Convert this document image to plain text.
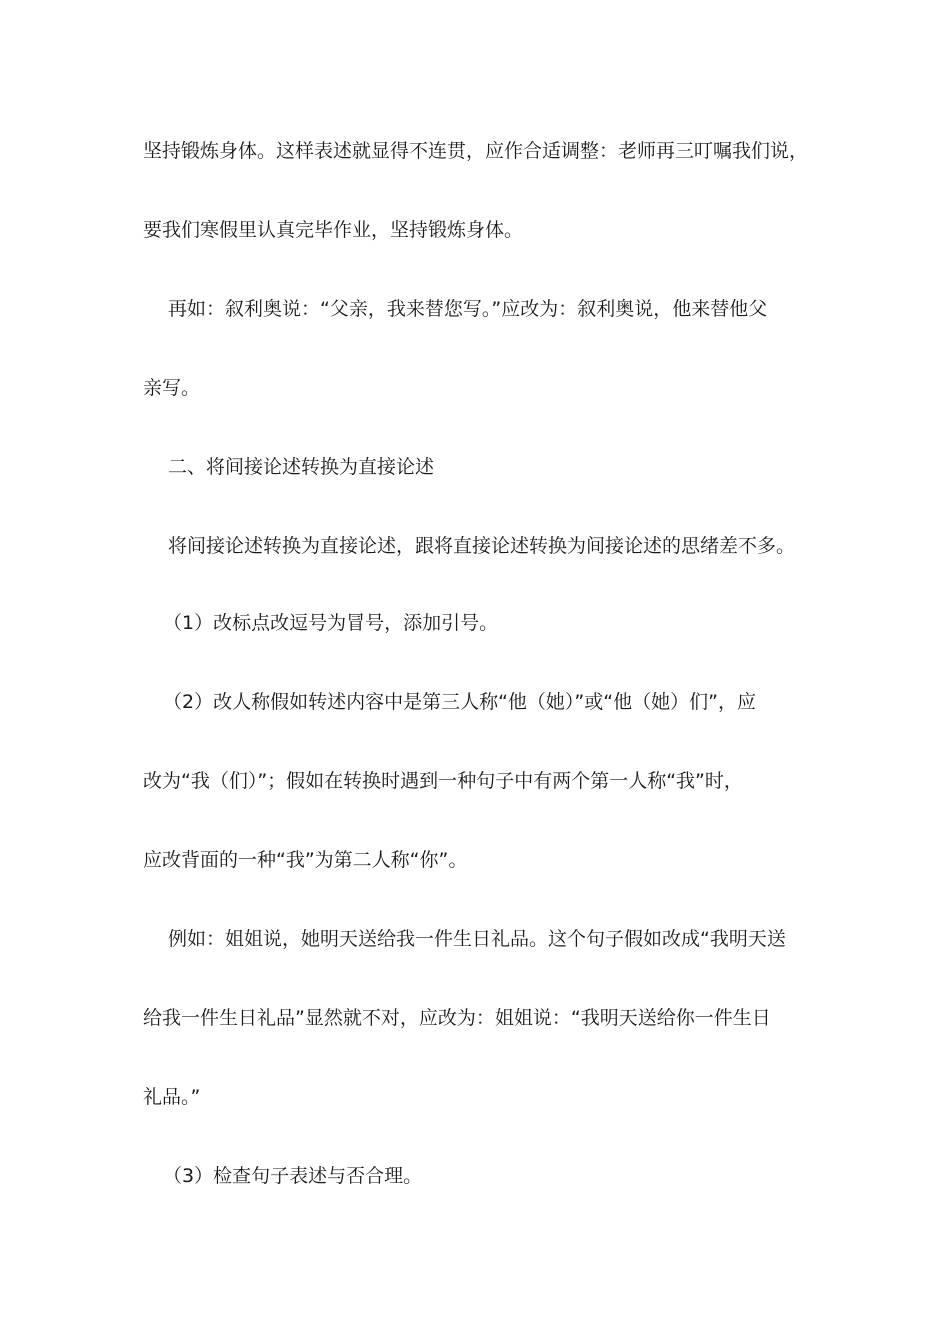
坚持锻炼身体。这样表述就显得不连贯，应作合适调整：老师再三叮嘱我们说，
要我们寒假里认真完毕作业，坚持锻炼身体。
再如：叙利奥说：“父亲，我来替您写。”应改为：叙利奥说，他来替他父
亲写。
二、将间接论述转换为直接论述
将间接论述转换为直接论述，跟将直接论述转换为间接论述的思绪差不多。
（1）改标点改逗号为冒号，添加引号。
（2）改人称假如转述内容中是第三人称“他（她）”或“他（她）们”，应
改为“我（们）”；假如在转换时遇到一种句子中有两个第一人称“我”时，
应改背面的一种“我”为第二人称“你”。
例如：姐姐说，她明天送给我一件生日礼品。这个句子假如改成“我明天送
给我一件生日礼品”显然就不对，应改为：姐姐说：“我明天送给你一件生日
礼品。”
（3）检查句子表述与否合理。
